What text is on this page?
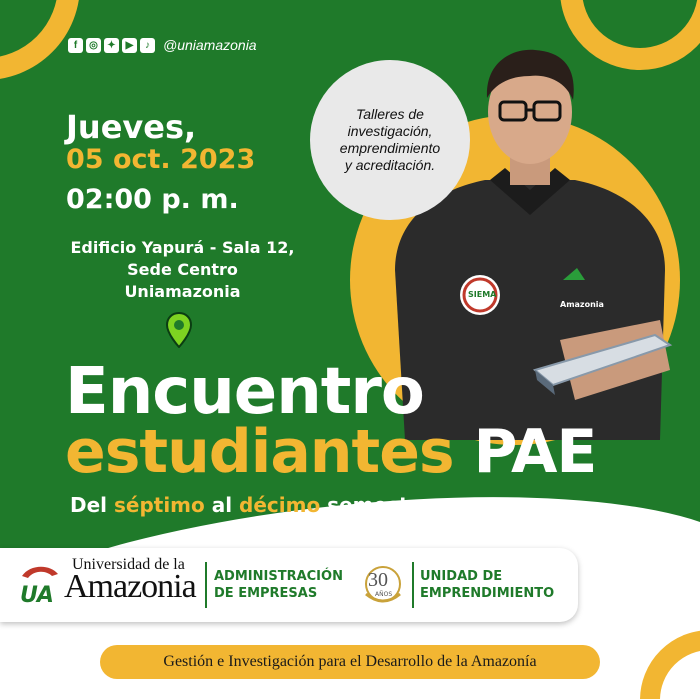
f	◎ ✦ ▶	♪ @uniamazonia
Jueves,
05 oct. 2023
02:00 p. m.
Edificio Yapurá - Sala 12,
Sede Centro
Uniamazonia	SIEMA
Amazonia
Talleres de
investigación,
emprendimiento
y acreditación.
Encuentro
estudiantes PAE
Del séptimo al décimo semestre
UA
Universidad de la
Amazonia ADMINISTRACIÓN
DE EMPRESAS
30
AÑOS
UNIDAD DE
EMPRENDIMIENTO
Gestión e Investigación para el Desarrollo de la Amazonía
